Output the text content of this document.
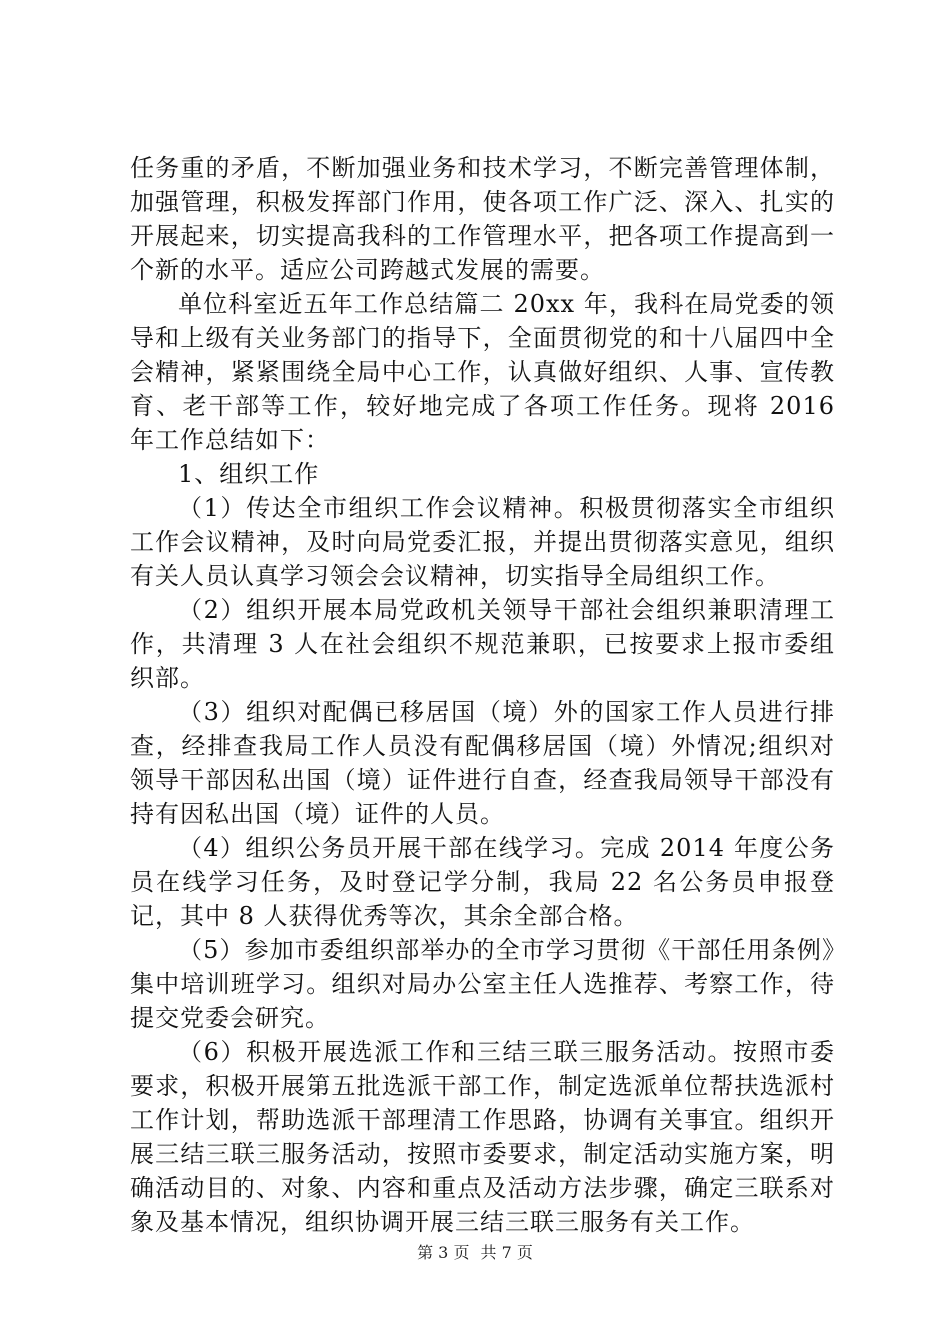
任务重的矛盾，不断加强业务和技术学习，不断完善管理体制，加强管理，积极发挥部门作用，使各项工作广泛、深入、扎实的开展起来，切实提高我科的工作管理水平，把各项工作提高到一个新的水平。适应公司跨越式发展的需要。

单位科室近五年工作总结篇二 20xx 年，我科在局党委的领导和上级有关业务部门的指导下，全面贯彻党的和十八届四中全会精神，紧紧围绕全局中心工作，认真做好组织、人事、宣传教育、老干部等工作，较好地完成了各项工作任务。现将 2016 年工作总结如下：

1、组织工作

（1）传达全市组织工作会议精神。积极贯彻落实全市组织工作会议精神，及时向局党委汇报，并提出贯彻落实意见，组织有关人员认真学习领会会议精神，切实指导全局组织工作。

（2）组织开展本局党政机关领导干部社会组织兼职清理工作，共清理 3 人在社会组织不规范兼职，已按要求上报市委组织部。

（3）组织对配偶已移居国（境）外的国家工作人员进行排查，经排查我局工作人员没有配偶移居国（境）外情况;组织对领导干部因私出国（境）证件进行自查，经查我局领导干部没有持有因私出国（境）证件的人员。

（4）组织公务员开展干部在线学习。完成 2014 年度公务员在线学习任务，及时登记学分制，我局 22 名公务员申报登记，其中 8 人获得优秀等次，其余全部合格。

（5）参加市委组织部举办的全市学习贯彻《干部任用条例》集中培训班学习。组织对局办公室主任人选推荐、考察工作，待提交党委会研究。

（6）积极开展选派工作和三结三联三服务活动。按照市委要求，积极开展第五批选派干部工作，制定选派单位帮扶选派村工作计划，帮助选派干部理清工作思路，协调有关事宜。组织开展三结三联三服务活动，按照市委要求，制定活动实施方案，明确活动目的、对象、内容和重点及活动方法步骤，确定三联系对象及基本情况，组织协调开展三结三联三服务有关工作。

第 3 页 共 7 页
